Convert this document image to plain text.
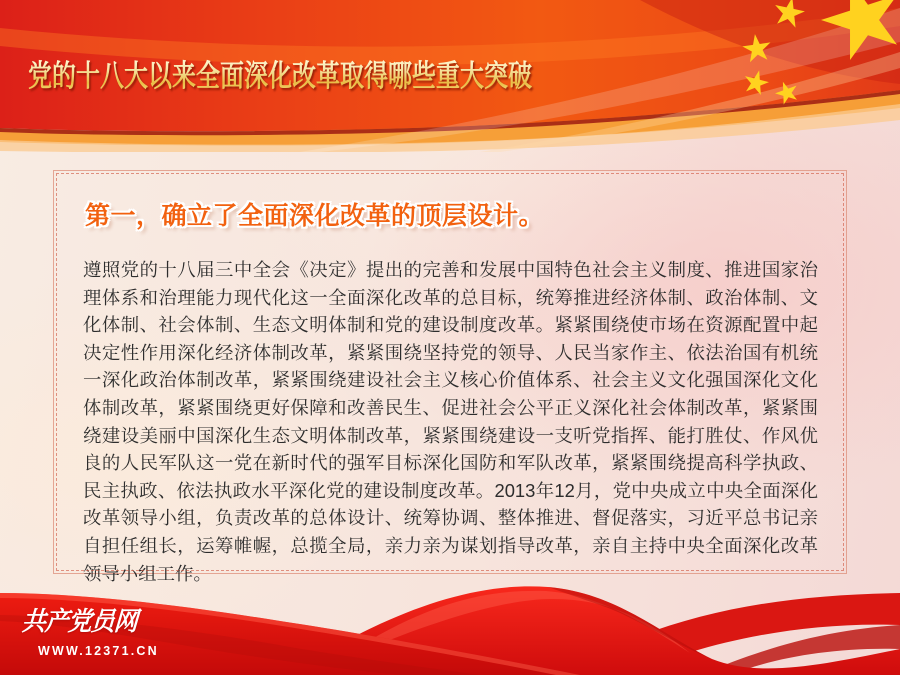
党的十八大以来全面深化改革取得哪些重大突破
第一，确立了全面深化改革的顶层设计。

遵照党的十八届三中全会《决定》提出的完善和发展中国特色社会主义制度、推进国家治理体系和治理能力现代化这一全面深化改革的总目标，统筹推进经济体制、政治体制、文化体制、社会体制、生态文明体制和党的建设制度改革。紧紧围绕使市场在资源配置中起决定性作用深化经济体制改革，紧紧围绕坚持党的领导、人民当家作主、依法治国有机统一深化政治体制改革，紧紧围绕建设社会主义核心价值体系、社会主义文化强国深化文化体制改革，紧紧围绕更好保障和改善民生、促进社会公平正义深化社会体制改革，紧紧围绕建设美丽中国深化生态文明体制改革，紧紧围绕建设一支听党指挥、能打胜仗、作风优良的人民军队这一党在新时代的强军目标深化国防和军队改革，紧紧围绕提高科学执政、民主执政、依法执政水平深化党的建设制度改革。2013年12月，党中央成立中央全面深化改革领导小组，负责改革的总体设计、统筹协调、整体推进、督促落实，习近平总书记亲自担任组长，运筹帷幄，总揽全局，亲力亲为谋划指导改革，亲自主持中央全面深化改革领导小组工作。

共产党员网
WWW.12371.CN
